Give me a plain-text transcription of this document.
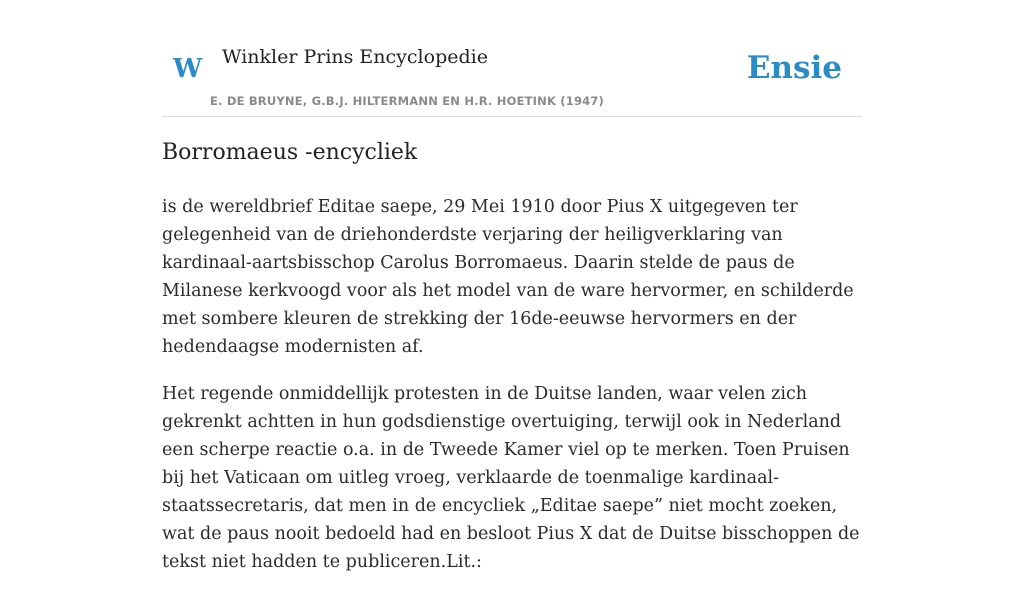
W Winkler Prins Encyclopedie
E. DE BRUYNE, G.B.J. HILTERMANN EN H.R. HOETINK (1947)
Ensie
Borromaeus -encycliek

is de wereldbrief Editae saepe, 29 Mei 1910 door Pius X uitgegeven ter gelegenheid van de driehonderdste verjaring der heiligverklaring van kardinaal-aartsbisschop Carolus Borromaeus. Daarin stelde de paus de Milanese kerkvoogd voor als het model van de ware hervormer, en schilderde met sombere kleuren de strekking der 16de-eeuwse hervormers en der hedendaagse modernisten af.

Het regende onmiddellijk protesten in de Duitse landen, waar velen zich gekrenkt achtten in hun godsdienstige overtuiging, terwijl ook in Nederland een scherpe reactie o.a. in de Tweede Kamer viel op te merken. Toen Pruisen bij het Vaticaan om uitleg vroeg, verklaarde de toenmalige kardinaal-staatssecretaris, dat men in de encycliek „Editae saepe” niet mocht zoeken, wat de paus nooit bedoeld had en besloot Pius X dat de Duitse bisschoppen de tekst niet hadden te publiceren.Lit.:
